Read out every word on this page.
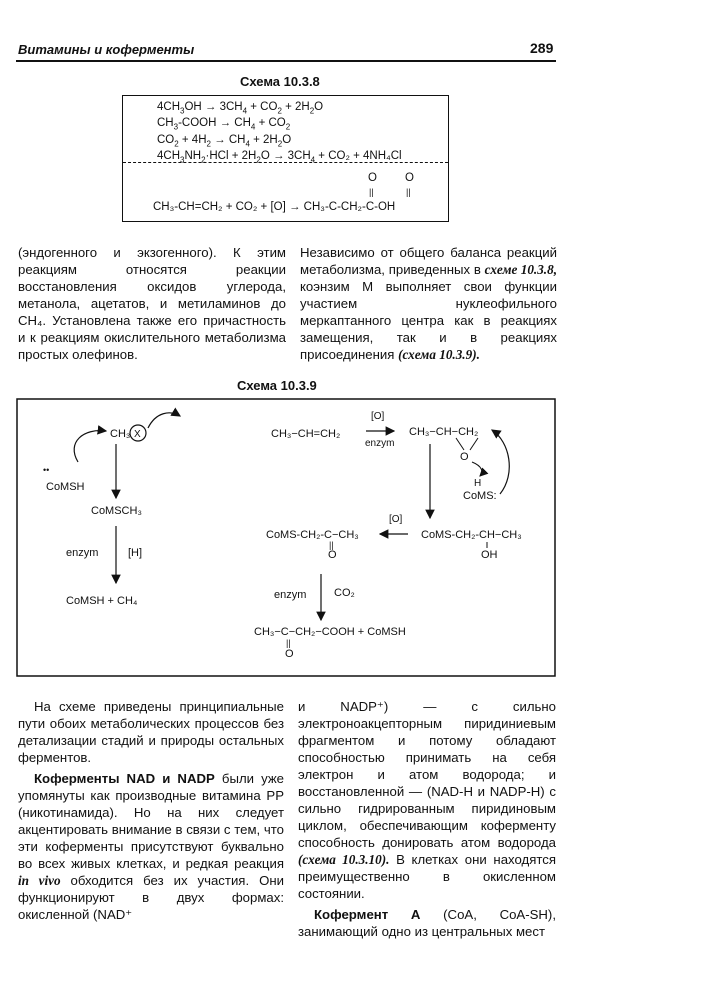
Витамины и коферменты	289
Схема 10.3.8
$4CH_3OH \to 3CH_4 + CO_2 + 2H_2O$
$CH_3$-COOH → $CH_4 + CO_2$
$CO_2 + 4H_2 \to CH_4 + 2H_2O$
$4CH_3NH_2\cdot HCl + 2H_2O \to 3CH_4 + CO_2 + 4NH_4Cl$
O O
||	||
CH₃-CH=CH₂ + CO₂ + [O] → CH₃-C-CH₂-C-OH
(эндогенного и экзогенного). К этим реакциям относятся реакции восстановления оксидов углерода, метанола, ацетатов, и метиламинов до CH₄. Установлена также его причастность и к реакциям окислительного метаболизма простых олефинов.
Независимо от общего баланса реакций метаболизма, приведенных в схеме 10.3.8, коэнзим М выполняет свои функции участием нуклеофильного меркаптанного центра как в реакциях замещения, так и в реакциях присоединения (схема 10.3.9).
Схема 10.3.9
CH₃ X
••
CoMSH
CoMSCH₃
enzym	[H]
CoMSH + CH₄
CH₃−CH=CH₂
[O]
enzym
CH₃−CH−CH₂
O
H
CoMS:
CoMS-CH₂-C−CH₃
||
O
[O]
CoMS-CH₂-CH−CH₃
OH
enzym	CO₂
CH₃−C−CH₂−COOH + CoMSH
||
O

На схеме приведены принципиальные пути обоих метаболических процессов без детализации стадий и природы остальных ферментов.

Коферменты NAD и NADP были уже упомянуты как производные витамина PP (никотинамида). Но на них следует акцентировать внимание в связи с тем, что эти коферменты присутствуют буквально во всех живых клетках, и редкая реакция in vivo обходится без их участия. Они функционируют в двух формах: окисленной (NAD⁺

и NADP⁺) — с сильно электроноакцепторным пиридиниевым фрагментом и потому обладают способностью принимать на себя электрон и атом водорода; и восстановленной — (NAD-H и NADP-H) с сильно гидрированным пиридиновым циклом, обеспечивающим коферменту способность донировать атом водорода (схема 10.3.10). В клетках они находятся преимущественно в окисленном состоянии.

Кофермент А (CoA, CoA-SH), занимающий одно из центральных мест
